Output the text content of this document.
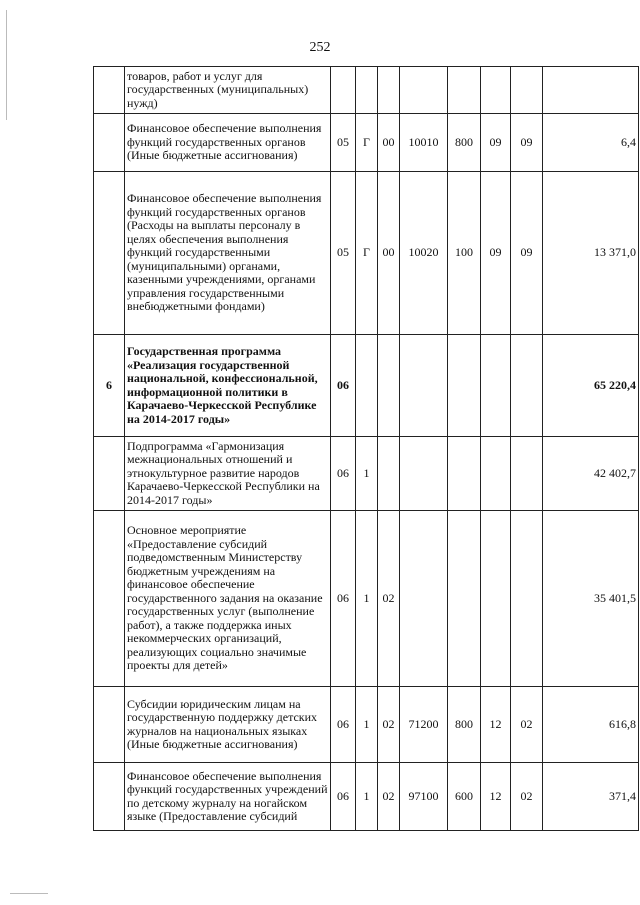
252
	товаров, работ и услуг для государственных (муниципальных) нужд)								
	Финансовое обеспечение выполнения функций государственных органов (Иные бюджетные ассигнования)	05	Г	00	10010	800	09	09	6,4
	Финансовое обеспечение выполнения функций государственных органов (Расходы на выплаты персоналу в целях обеспечения выполнения функций государственными (муниципальными) органами, казенными учреждениями, органами управления государственными внебюджетными фондами)	05	Г	00	10020	100	09	09	13 371,0
6	Государственная программа «Реализация государственной национальной, конфессиональной, информационной политики в Карачаево-Черкесской Республике на 2014-2017 годы»	06							65 220,4
	Подпрограмма «Гармонизация межнациональных отношений и этнокультурное развитие народов Карачаево-Черкесской Республики на 2014-2017 годы»	06	1						42 402,7
	Основное мероприятие «Предоставление субсидий подведомственным Министерству бюджетным учреждениям на финансовое обеспечение государственного задания на оказание государственных услуг (выполнение работ), а также поддержка иных некоммерческих организаций, реализующих социально значимые проекты для детей»	06	1	02					35 401,5
	Субсидии юридическим лицам на государственную поддержку детских журналов на национальных языках (Иные бюджетные ассигнования)	06	1	02	71200	800	12	02	616,8
	Финансовое обеспечение выполнения функций государственных учреждений по детскому журналу на ногайском языке (Предоставление субсидий	06	1	02	97100	600	12	02	371,4
